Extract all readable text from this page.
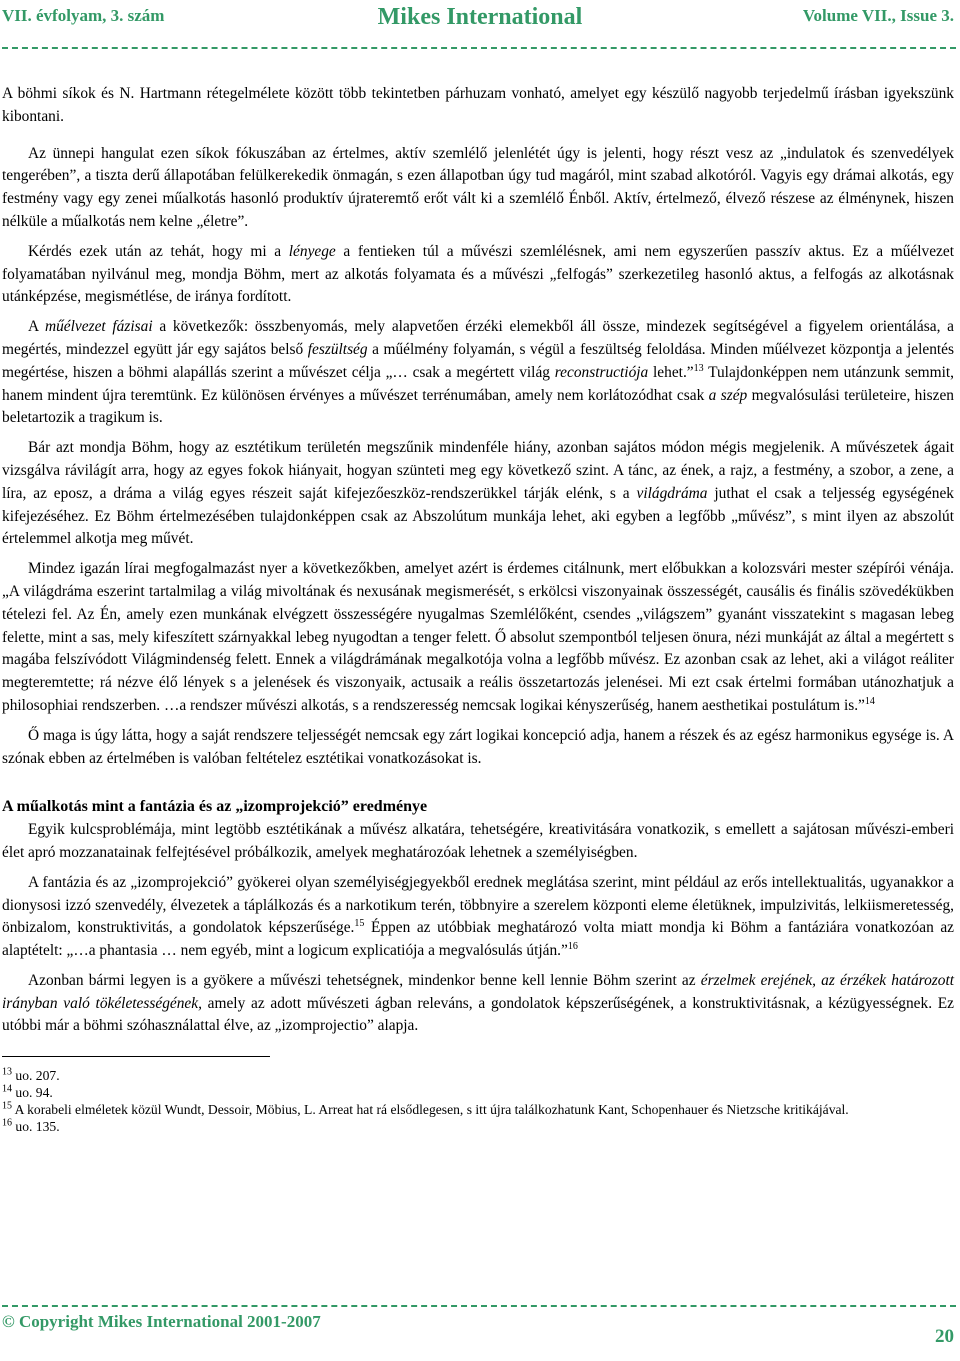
VII. évfolyam, 3. szám	Mikes International	Volume VII., Issue 3.

A böhmi síkok és N. Hartmann rétegelmélete között több tekintetben párhuzam vonható, amelyet egy készülő nagyobb terjedelmű írásban igyekszünk kibontani.

Az ünnepi hangulat ezen síkok fókuszában az értelmes, aktív szemlélő jelenlétét úgy is jelenti, hogy részt vesz az „indulatok és szenvedélyek tengerében”, a tiszta derű állapotában felülkerekedik önmagán, s ezen állapotban úgy tud magáról, mint szabad alkotóról. Vagyis egy drámai alkotás, egy festmény vagy egy zenei műalkotás hasonló produktív újrateremtő erőt vált ki a szemlélő Énből. Aktív, értelmező, élvező részese az élménynek, hiszen nélküle a műalkotás nem kelne „életre”.

Kérdés ezek után az tehát, hogy mi a lényege a fentieken túl a művészi szemlélésnek, ami nem egyszerűen passzív aktus. Ez a műélvezet folyamatában nyilvánul meg, mondja Böhm, mert az alkotás folyamata és a művészi „felfogás” szerkezetileg hasonló aktus, a felfogás az alkotásnak utánképzése, megismétlése, de iránya fordított.

A műélvezet fázisai a következők: összbenyomás, mely alapvetően érzéki elemekből áll össze, mindezek segítségével a figyelem orientálása, a megértés, mindezzel együtt jár egy sajátos belső feszültség a műélmény folyamán, s végül a feszültség feloldása. Minden műélvezet központja a jelentés megértése, hiszen a böhmi alapállás szerint a művészet célja „… csak a megértett világ reconstructiója lehet.”$^{13}$ Tulajdonképpen nem utánzunk semmit, hanem mindent újra teremtünk. Ez különösen érvényes a művészet terrénumában, amely nem korlátozódhat csak a szép megvalósulási területeire, hiszen beletartozik a tragikum is.

Bár azt mondja Böhm, hogy az esztétikum területén megszűnik mindenféle hiány, azonban sajátos módon mégis megjelenik. A művészetek ágait vizsgálva rávilágít arra, hogy az egyes fokok hiányait, hogyan szünteti meg egy következő szint. A tánc, az ének, a rajz, a festmény, a szobor, a zene, a líra, az eposz, a dráma a világ egyes részeit saját kifejezőeszköz-rendszerükkel tárják elénk, s a világdráma juthat el csak a teljesség egységének kifejezéséhez. Ez Böhm értelmezésében tulajdonképpen csak az Abszolútum munkája lehet, aki egyben a legfőbb „művész”, s mint ilyen az abszolút értelemmel alkotja meg művét.

Mindez igazán lírai megfogalmazást nyer a következőkben, amelyet azért is érdemes citálnunk, mert előbukkan a kolozsvári mester szépírói vénája. „A világdráma eszerint tartalmilag a világ mivoltának és nexusának megismerését, s erkölcsi viszonyainak összességét, causális és finális szövedékükben tételezi fel. Az Én, amely ezen munkának elvégzett összességére nyugalmas Szemlélőként, csendes „világszem” gyanánt visszatekint s magasan lebeg felette, mint a sas, mely kifeszített szárnyakkal lebeg nyugodtan a tenger felett. Ő absolut szempontból teljesen önura, nézi munkáját az által a megértett s magába felszívódott Világmindenség felett. Ennek a világdrámának megalkotója volna a legfőbb művész. Ez azonban csak az lehet, aki a világot reáliter megteremtette; rá nézve élő lények s a jelenések és viszonyaik, actusaik a reális összetartozás jelenései. Mi ezt csak értelmi formában utánozhatjuk a philosophiai rendszerben. …a rendszer művészi alkotás, s a rendszeresség nemcsak logikai kényszerűség, hanem aesthetikai postulátum is.”$^{14}$

Ő maga is úgy látta, hogy a saját rendszere teljességét nemcsak egy zárt logikai koncepció adja, hanem a részek és az egész harmonikus egysége is. A szónak ebben az értelmében is valóban feltételez esztétikai vonatkozásokat is.

A műalkotás mint a fantázia és az „izomprojekció” eredménye

Egyik kulcsproblémája, mint legtöbb esztétikának a művész alkatára, tehetségére, kreativitására vonatkozik, s emellett a sajátosan művészi-emberi élet apró mozzanatainak felfejtésével próbálkozik, amelyek meghatározóak lehetnek a személyiségben.

A fantázia és az „izomprojekció” gyökerei olyan személyiségjegyekből erednek meglátása szerint, mint például az erős intellektualitás, ugyanakkor a dionysosi izzó szenvedély, élvezetek a táplálkozás és a narkotikum terén, többnyire a szerelem központi eleme életüknek, impulzivitás, lelkiismeretesség, önbizalom, konstruktivitás, a gondolatok képszerűsége.$^{15}$ Éppen az utóbbiak meghatározó volta miatt mondja ki Böhm a fantáziára vonatkozóan az alaptételt: „…a phantasia … nem egyéb, mint a logicum explicatiója a megvalósulás útján.”$^{16}$

Azonban bármi legyen is a gyökere a művészi tehetségnek, mindenkor benne kell lennie Böhm szerint az érzelmek erejének, az érzékek határozott irányban való tökéletességének, amely az adott művészeti ágban releváns, a gondolatok képszerűségének, a konstruktivitásnak, a kézügyességnek. Ez utóbbi már a böhmi szóhasználattal élve, az „izomprojectio” alapja.

$^{13}$ uo. 207.

$^{14}$ uo. 94.

$^{15}$ A korabeli elméletek közül Wundt, Dessoir, Möbius, L. Arreat hat rá elsődlegesen, s itt újra találkozhatunk Kant, Schopenhauer és Nietzsche kritikájával.

$^{16}$ uo. 135.

© Copyright Mikes International 2001-2007
20
